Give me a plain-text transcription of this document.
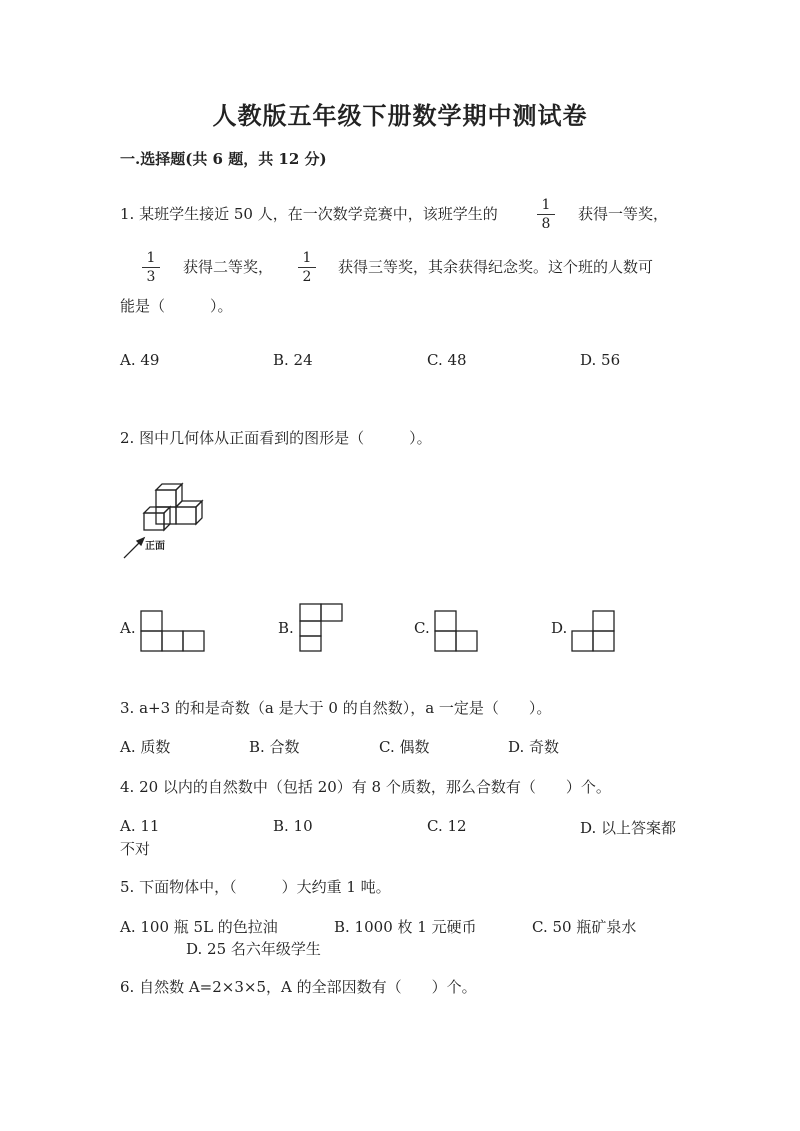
人教版五年级下册数学期中测试卷
一.选择题(共 6 题，共 12 分)
1. 某班学生接近 50 人，在一次数学竞赛中，该班学生的	1
8
获得一等奖，
1
3
获得二等奖，	1
2
获得三等奖，其余获得纪念奖。这个班的人数可
能是（　　　）。
A. 49	B. 24	C. 48	D. 56
2. 图中几何体从正面看到的图形是（　　　）。
正面
A.	B.	C.	D.
3. a+3 的和是奇数（a 是大于 0 的自然数），a 一定是（　　）。
A. 质数	B. 合数	C. 偶数	D. 奇数
4. 20 以内的自然数中（包括 20）有 8 个质数，那么合数有（　　）个。
A. 11	B. 10	C. 12	D. 以上答案都
不对
5. 下面物体中，（　　　）大约重 1 吨。
A. 100 瓶 5L 的色拉油	B. 1000 枚 1 元硬币	C. 50 瓶矿泉水
D. 25 名六年级学生
6. 自然数 A=2×3×5，A 的全部因数有（　　）个。
